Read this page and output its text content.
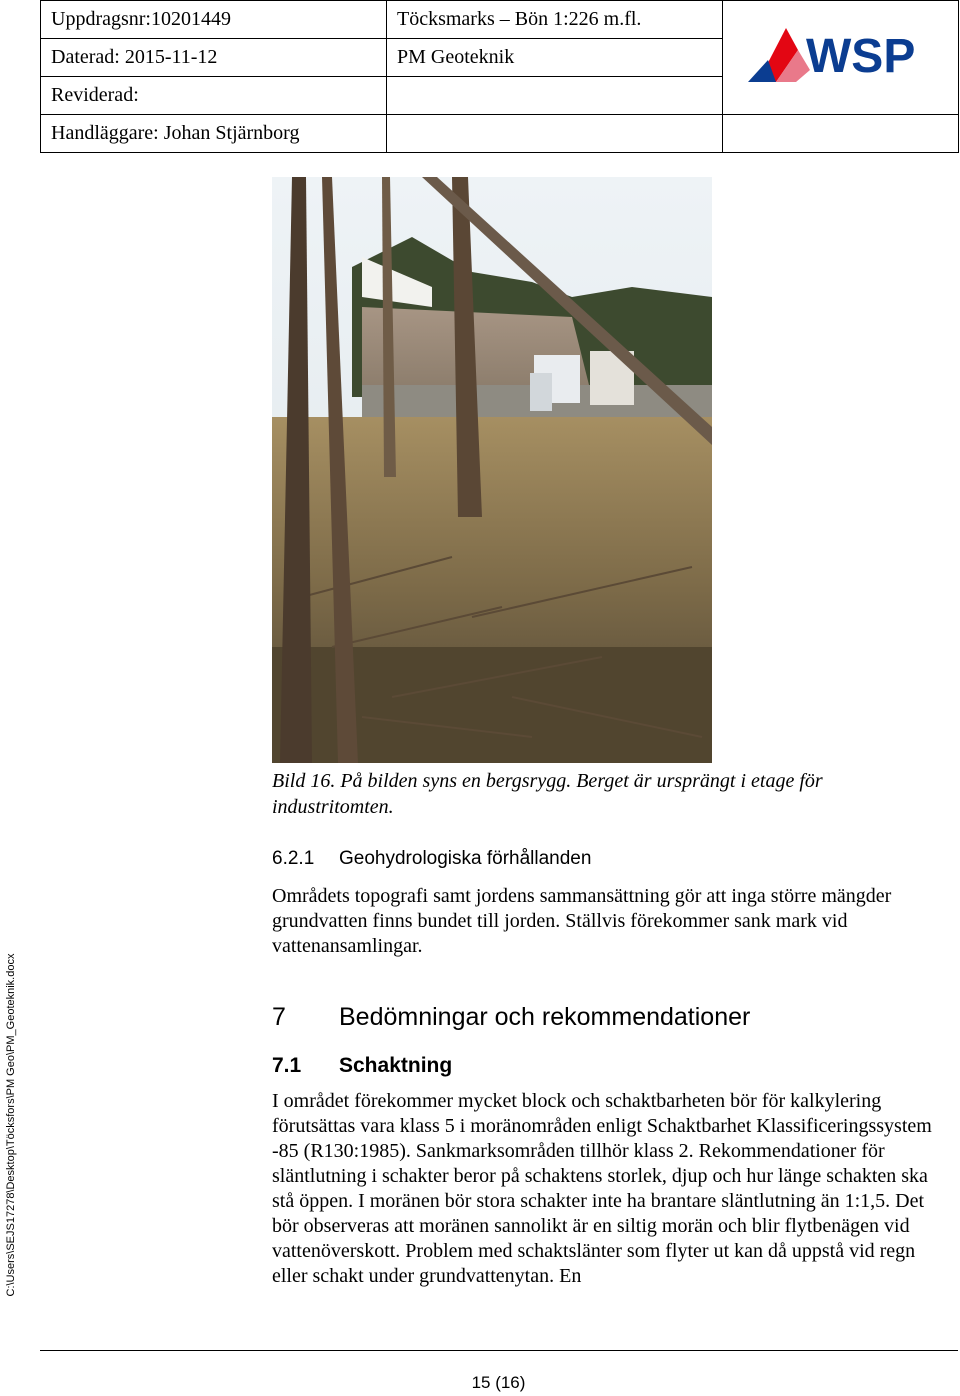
Uppdragsnr:10201449	Töcksmarks – Bön 1:226 m.fl.	WSP

Daterad: 2015-11-12	PM Geoteknik	
Reviderad:		
Handläggare: Johan Stjärnborg		
C:\Users\SEJS17278\Desktop\Töcksfors\PM Geo\PM_Geoteknik.docx
Bild 16. På bilden syns en bergsrygg. Berget är ursprängt i etage för industritomten.
6.2.1 Geohydrologiska förhållanden
Områdets topografi samt jordens sammansättning gör att inga större mängder grundvatten finns bundet till jorden. Ställvis förekommer sank mark vid vattenansamlingar.
7 Bedömningar och rekommendationer
7.1 Schaktning
I området förekommer mycket block och schaktbarheten bör för kalkylering förutsättas vara klass 5 i moränområden enligt Schaktbarhet Klassificeringssystem -85 (R130:1985). Sankmarksområden tillhör klass 2. Rekommendationer för släntlutning i schakter beror på schaktens storlek, djup och hur länge schakten ska stå öppen. I moränen bör stora schakter inte ha brantare släntlutning än 1:1,5. Det bör observeras att moränen sannolikt är en siltig morän och blir flytbenägen vid vattenöverskott. Problem med schaktslänter som flyter ut kan då uppstå vid regn eller schakt under grundvattenytan. En
15 (16)
